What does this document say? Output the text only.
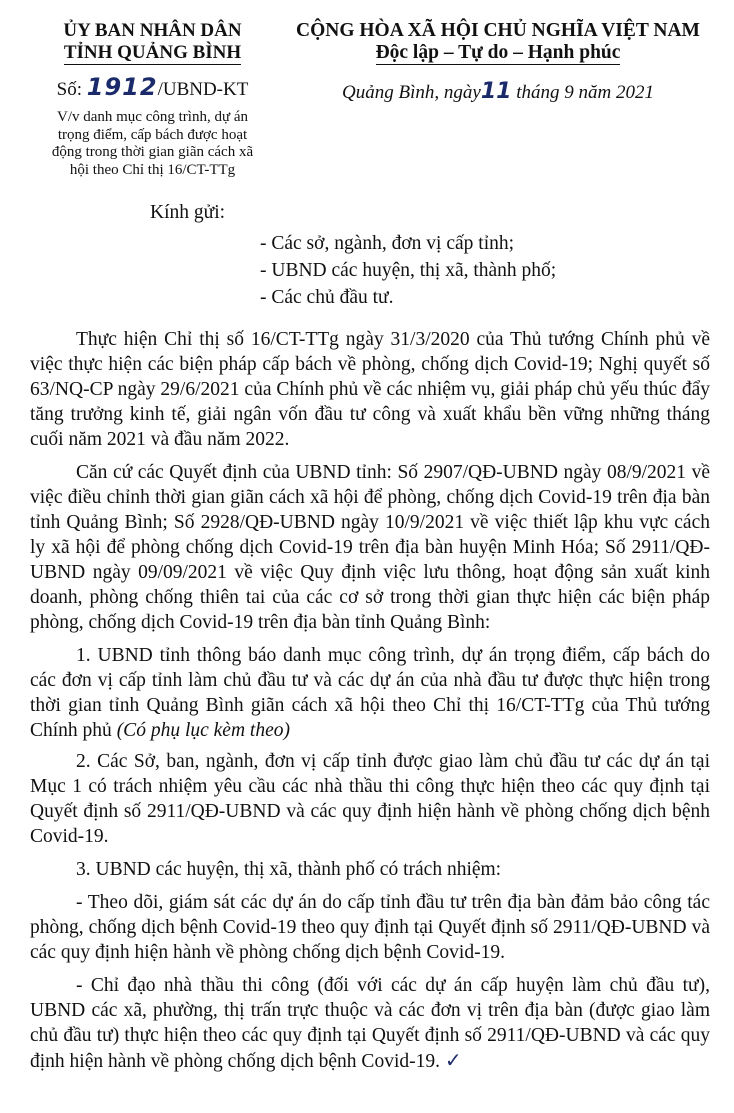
ỦY BAN NHÂN DÂN
TỈNH QUẢNG BÌNH
Số: 1912/UBND-KT
V/v danh mục công trình, dự án
trọng điểm, cấp bách được hoạt
động trong thời gian giãn cách xã
hội theo Chỉ thị 16/CT-TTg
CỘNG HÒA XÃ HỘI CHỦ NGHĨA VIỆT NAM
Độc lập – Tự do – Hạnh phúc
Quảng Bình, ngày11 tháng 9 năm 2021
Kính gửi:
- Các sở, ngành, đơn vị cấp tỉnh;
- UBND các huyện, thị xã, thành phố;
- Các chủ đầu tư.

Thực hiện Chỉ thị số 16/CT-TTg ngày 31/3/2020 của Thủ tướng Chính phủ về việc thực hiện các biện pháp cấp bách về phòng, chống dịch Covid-19; Nghị quyết số 63/NQ-CP ngày 29/6/2021 của Chính phủ về các nhiệm vụ, giải pháp chủ yếu thúc đẩy tăng trưởng kinh tế, giải ngân vốn đầu tư công và xuất khẩu bền vững những tháng cuối năm 2021 và đầu năm 2022.

Căn cứ các Quyết định của UBND tỉnh: Số 2907/QĐ-UBND ngày 08/9/2021 về việc điều chỉnh thời gian giãn cách xã hội để phòng, chống dịch Covid-19 trên địa bàn tỉnh Quảng Bình; Số 2928/QĐ-UBND ngày 10/9/2021 về việc thiết lập khu vực cách ly xã hội để phòng chống dịch Covid-19 trên địa bàn huyện Minh Hóa; Số 2911/QĐ-UBND ngày 09/09/2021 về việc Quy định việc lưu thông, hoạt động sản xuất kinh doanh, phòng chống thiên tai của các cơ sở trong thời gian thực hiện các biện pháp phòng, chống dịch Covid-19 trên địa bàn tỉnh Quảng Bình:

1. UBND tỉnh thông báo danh mục công trình, dự án trọng điểm, cấp bách do các đơn vị cấp tỉnh làm chủ đầu tư và các dự án của nhà đầu tư được thực hiện trong thời gian tỉnh Quảng Bình giãn cách xã hội theo Chỉ thị 16/CT-TTg của Thủ tướng Chính phủ (Có phụ lục kèm theo)

2. Các Sở, ban, ngành, đơn vị cấp tỉnh được giao làm chủ đầu tư các dự án tại Mục 1 có trách nhiệm yêu cầu các nhà thầu thi công thực hiện theo các quy định tại Quyết định số 2911/QĐ-UBND và các quy định hiện hành về phòng chống dịch bệnh Covid-19.

3. UBND các huyện, thị xã, thành phố có trách nhiệm:

- Theo dõi, giám sát các dự án do cấp tỉnh đầu tư trên địa bàn đảm bảo công tác phòng, chống dịch bệnh Covid-19 theo quy định tại Quyết định số 2911/QĐ-UBND và các quy định hiện hành về phòng chống dịch bệnh Covid-19.

- Chỉ đạo nhà thầu thi công (đối với các dự án cấp huyện làm chủ đầu tư), UBND các xã, phường, thị trấn trực thuộc và các đơn vị trên địa bàn (được giao làm chủ đầu tư) thực hiện theo các quy định tại Quyết định số 2911/QĐ-UBND và các quy định hiện hành về phòng chống dịch bệnh Covid-19. ✓
